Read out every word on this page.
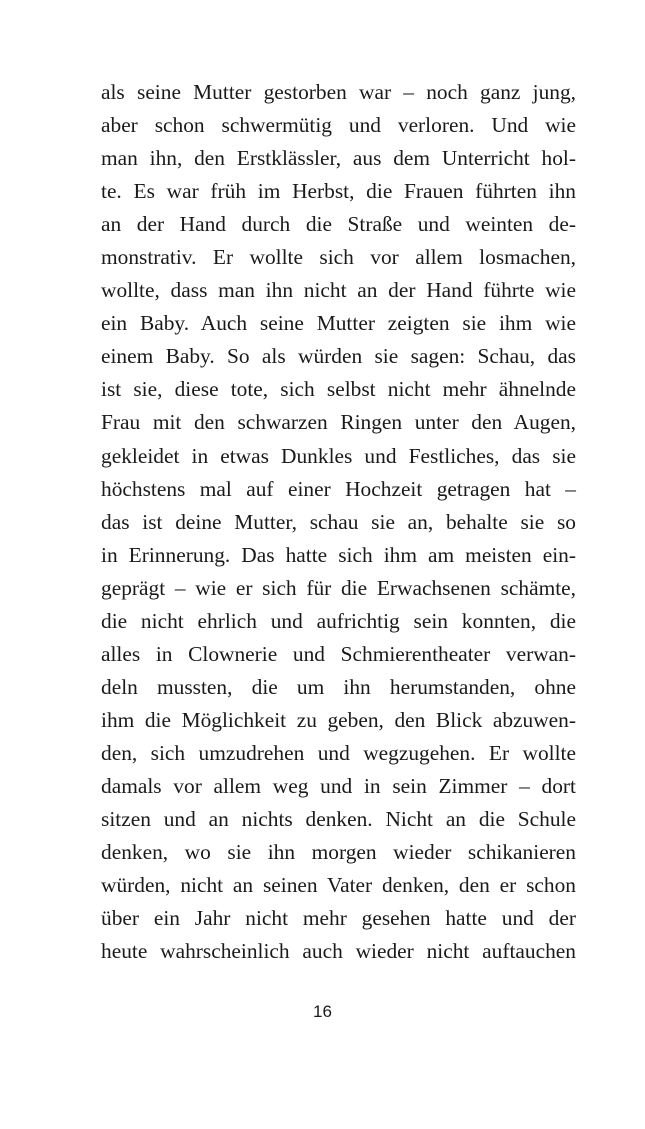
als seine Mutter gestorben war – noch ganz jung,
aber schon schwermütig und verloren. Und wie
man ihn, den Erstklässler, aus dem Unterricht hol-
te. Es war früh im Herbst, die Frauen führten ihn
an der Hand durch die Straße und weinten de-
monstrativ. Er wollte sich vor allem losmachen,
wollte, dass man ihn nicht an der Hand führte wie
ein Baby. Auch seine Mutter zeigten sie ihm wie
einem Baby. So als würden sie sagen: Schau, das
ist sie, diese tote, sich selbst nicht mehr ähnelnde
Frau mit den schwarzen Ringen unter den Augen,
gekleidet in etwas Dunkles und Festliches, das sie
höchstens mal auf einer Hochzeit getragen hat –
das ist deine Mutter, schau sie an, behalte sie so
in Erinnerung. Das hatte sich ihm am meisten ein-
geprägt – wie er sich für die Erwachsenen schämte,
die nicht ehrlich und aufrichtig sein konnten, die
alles in Clownerie und Schmierentheater verwan-
deln mussten, die um ihn herumstanden, ohne
ihm die Möglichkeit zu geben, den Blick abzuwen-
den, sich umzudrehen und wegzugehen. Er wollte
damals vor allem weg und in sein Zimmer – dort
sitzen und an nichts denken. Nicht an die Schule
denken, wo sie ihn morgen wieder schikanieren
würden, nicht an seinen Vater denken, den er schon
über ein Jahr nicht mehr gesehen hatte und der
heute wahrscheinlich auch wieder nicht auftauchen
16
